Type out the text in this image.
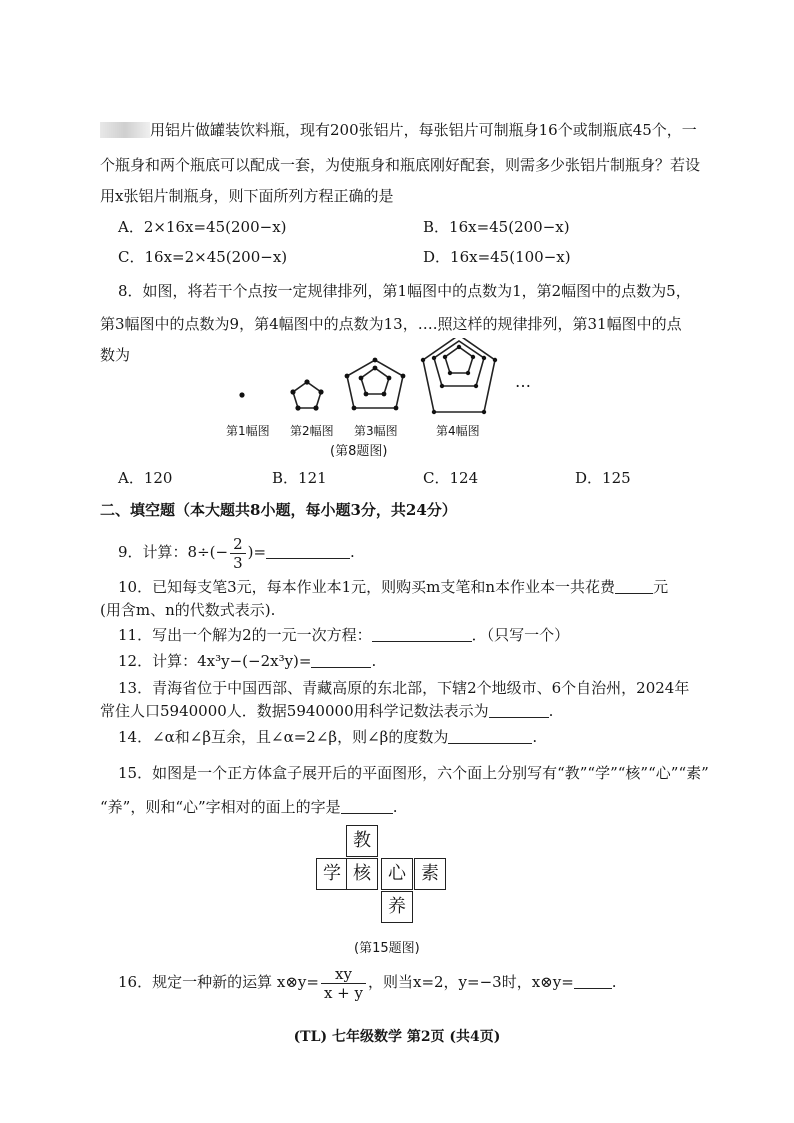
用铝片做罐装饮料瓶，现有200张铝片，每张铝片可制瓶身16个或制瓶底45个，一
个瓶身和两个瓶底可以配成一套，为使瓶身和瓶底刚好配套，则需多少张铝片制瓶身？若设
用x张铝片制瓶身，则下面所列方程正确的是
A．2×16x=45(200−x)	B．16x=45(200−x)
C．16x=2×45(200−x)	D．16x=45(100−x)
8．如图，将若干个点按一定规律排列，第1幅图中的点数为1，第2幅图中的点数为5，
第3幅图中的点数为9，第4幅图中的点数为13，….照这样的规律排列，第31幅图中的点
数为
…
第1幅图 第2幅图 第3幅图	第4幅图
(第8题图)
A．120	B．121	C．124	D．125
二、填空题（本大题共8小题，每小题3分，共24分）
9．计算：$8\div(- \frac{2}{3}$ )=	.
10．已知每支笔3元，每本作业本1元，则购买m支笔和n本作业本一共花费	元
(用含m、n的代数式表示).
11．写出一个解为2的一元一次方程：	．（只写一个）
12．计算：4x³y−(−2x³y)=	.
13．青海省位于中国西部、青藏高原的东北部，下辖2个地级市、6个自治州，2024年
常住人口5940000人．数据5940000用科学记数法表示为	.
14．∠α和∠β互余，且∠α=2∠β，则∠β的度数为	.
15．如图是一个正方体盒子展开后的平面图形，六个面上分别写有“教”“学”“核”“心”“素”
“养”，则和“心”字相对的面上的字是	.
教
学 核 心 素
养
(第15题图)
16．规定一种新的运算 x⊗y= $\frac{xy}{x + y}$ ，则当x=2，y=−3时，x⊗y=	.
(TL) 七年级数学 第2页 (共4页)
